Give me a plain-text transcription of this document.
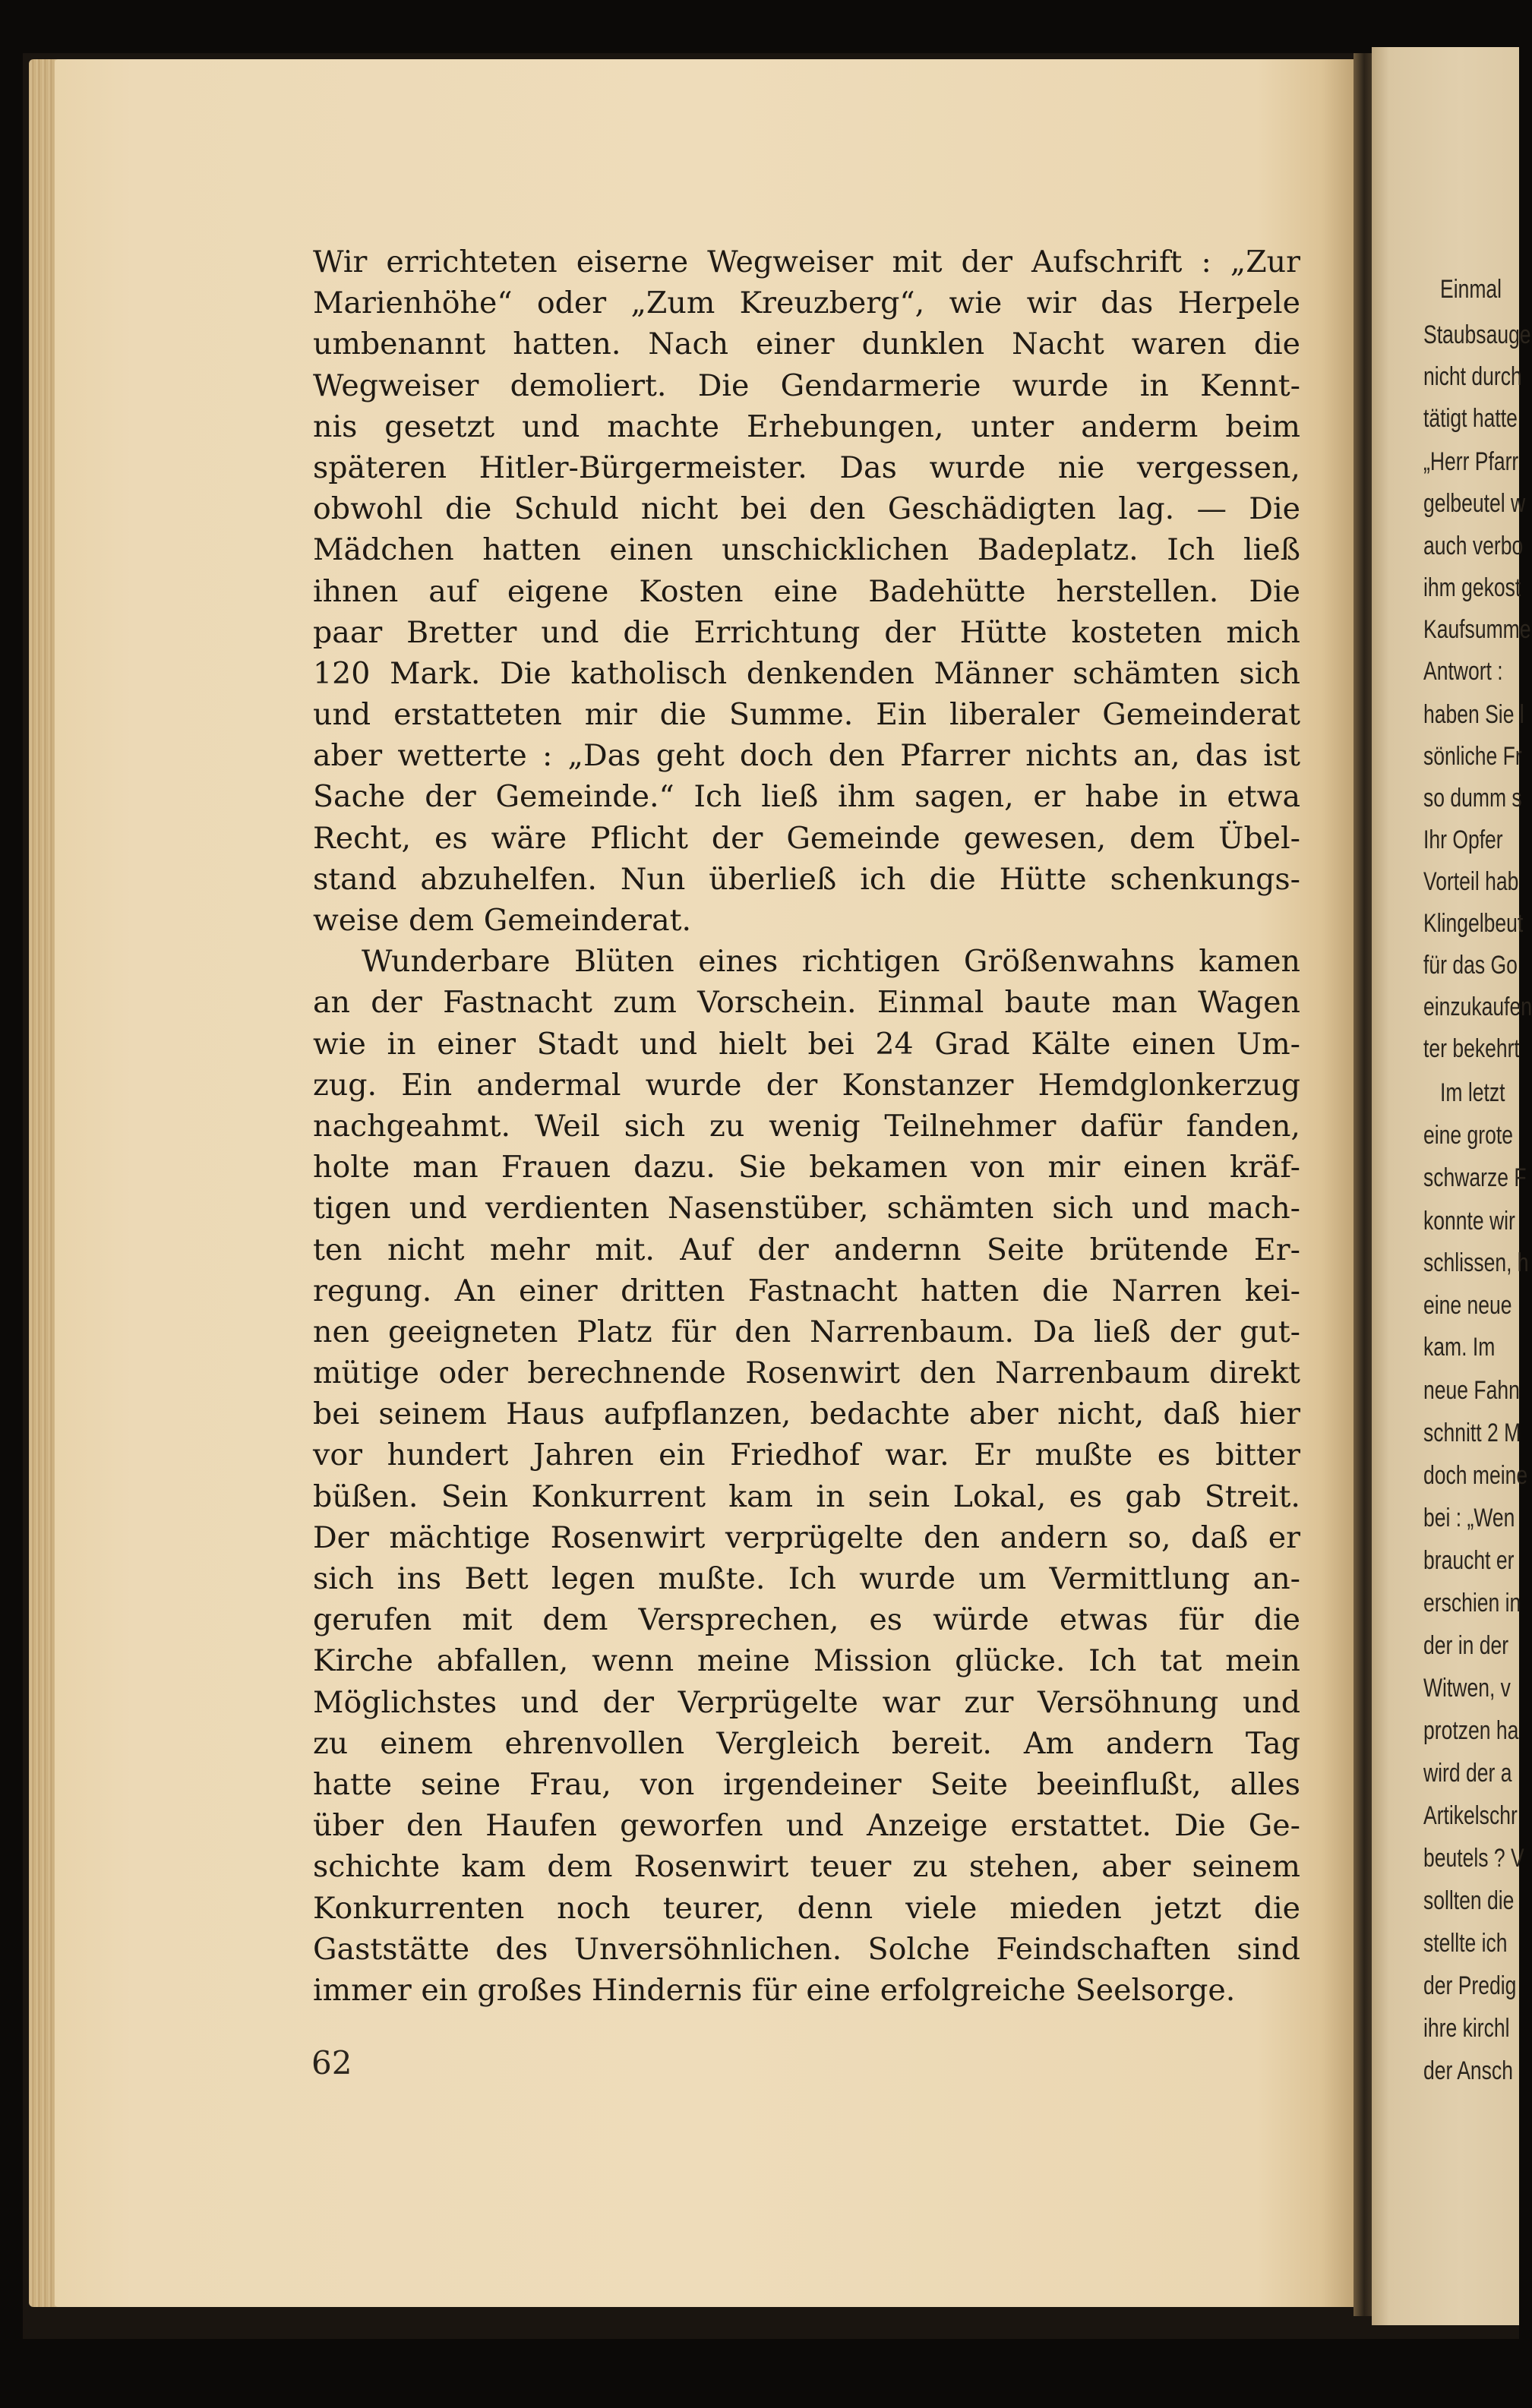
Einmal
Staubsauge
nicht durch
tätigt hatte
„Herr Pfarr
gelbeutel w
auch verbo
ihm gekost
Kaufsumme
Antwort :
haben Sie l
sönliche Fr
so dumm s
Ihr Opfer
Vorteil hab
Klingelbeut
für das Go
einzukaufen
ter bekehrt
Im letzt
eine grote
schwarze F
konnte wir
schlissen, h
eine neue
kam. Im
neue Fahn
schnitt 2 M
doch meine
bei : „Wen
braucht er
erschien in
der in der
Witwen, v
protzen ha
wird der a
Artikelschr
beutels ? V
sollten die
stellte ich
der Predig
ihre kirchl
der Ansch
Wir errichteten eiserne Wegweiser mit der Aufschrift : „Zur
Marienhöhe“ oder „Zum Kreuzberg“, wie wir das Herpele
umbenannt hatten. Nach einer dunklen Nacht waren die
Wegweiser demoliert. Die Gendarmerie wurde in Kennt-
nis gesetzt und machte Erhebungen, unter anderm beim
späteren Hitler-Bürgermeister. Das wurde nie vergessen,
obwohl die Schuld nicht bei den Geschädigten lag. — Die
Mädchen hatten einen unschicklichen Badeplatz. Ich ließ
ihnen auf eigene Kosten eine Badehütte herstellen. Die
paar Bretter und die Errichtung der Hütte kosteten mich
120 Mark. Die katholisch denkenden Männer schämten sich
und erstatteten mir die Summe. Ein liberaler Gemeinderat
aber wetterte : „Das geht doch den Pfarrer nichts an, das ist
Sache der Gemeinde.“ Ich ließ ihm sagen, er habe in etwa
Recht, es wäre Pflicht der Gemeinde gewesen, dem Übel-
stand abzuhelfen. Nun überließ ich die Hütte schenkungs-
weise dem Gemeinderat.
Wunderbare Blüten eines richtigen Größenwahns kamen
an der Fastnacht zum Vorschein. Einmal baute man Wagen
wie in einer Stadt und hielt bei 24 Grad Kälte einen Um-
zug. Ein andermal wurde der Konstanzer Hemdglonkerzug
nachgeahmt. Weil sich zu wenig Teilnehmer dafür fanden,
holte man Frauen dazu. Sie bekamen von mir einen kräf-
tigen und verdienten Nasenstüber, schämten sich und mach-
ten nicht mehr mit. Auf der andernn Seite brütende Er-
regung. An einer dritten Fastnacht hatten die Narren kei-
nen geeigneten Platz für den Narrenbaum. Da ließ der gut-
mütige oder berechnende Rosenwirt den Narrenbaum direkt
bei seinem Haus aufpflanzen, bedachte aber nicht, daß hier
vor hundert Jahren ein Friedhof war. Er mußte es bitter
büßen. Sein Konkurrent kam in sein Lokal, es gab Streit.
Der mächtige Rosenwirt verprügelte den andern so, daß er
sich ins Bett legen mußte. Ich wurde um Vermittlung an-
gerufen mit dem Versprechen, es würde etwas für die
Kirche abfallen, wenn meine Mission glücke. Ich tat mein
Möglichstes und der Verprügelte war zur Versöhnung und
zu einem ehrenvollen Vergleich bereit. Am andern Tag
hatte seine Frau, von irgendeiner Seite beeinflußt, alles
über den Haufen geworfen und Anzeige erstattet. Die Ge-
schichte kam dem Rosenwirt teuer zu stehen, aber seinem
Konkurrenten noch teurer, denn viele mieden jetzt die
Gaststätte des Unversöhnlichen. Solche Feindschaften sind
immer ein großes Hindernis für eine erfolgreiche Seelsorge.
62
